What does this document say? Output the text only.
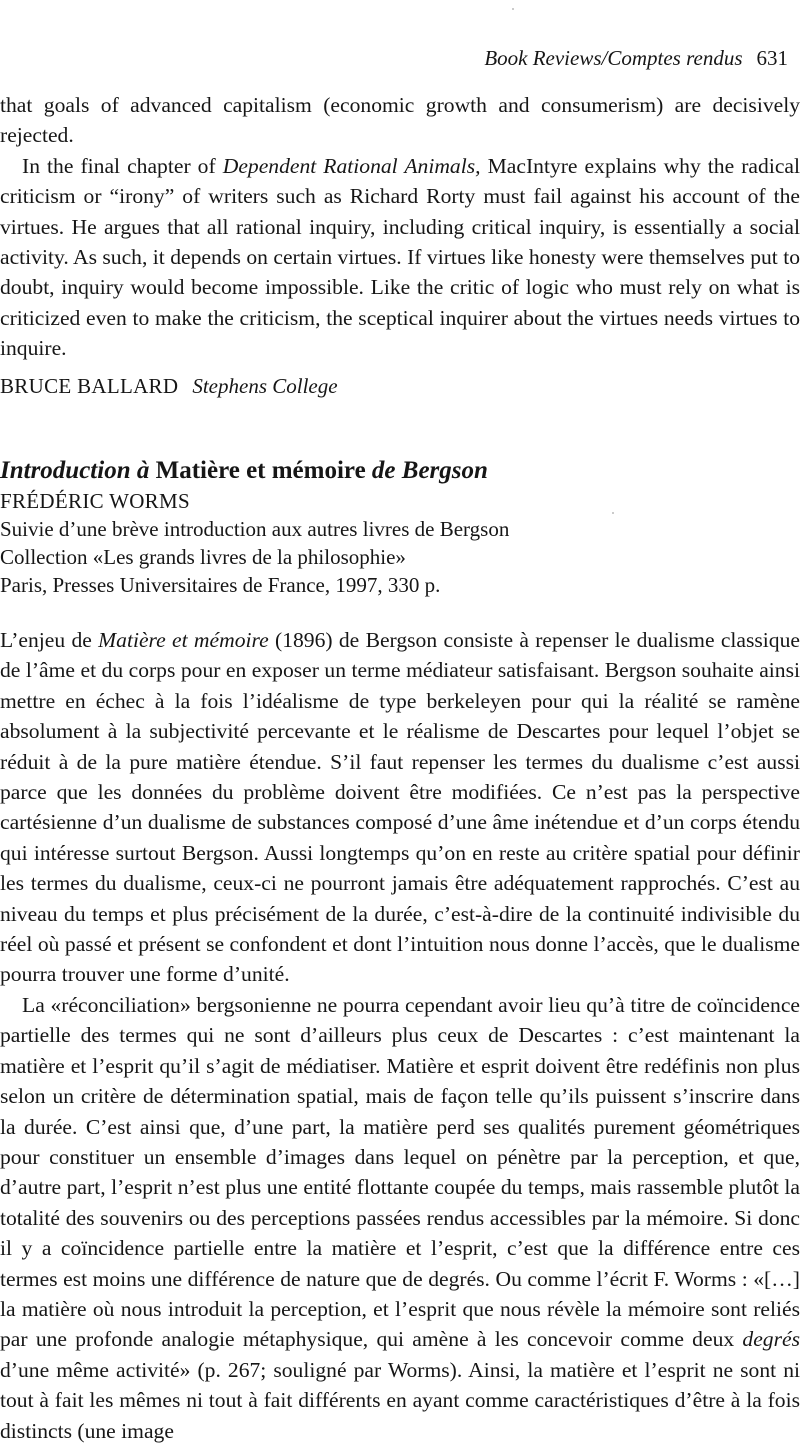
Book Reviews/Comptes rendus 631

that goals of advanced capitalism (economic growth and consumerism) are decisively rejected.

In the final chapter of Dependent Rational Animals, MacIntyre explains why the radical criticism or “irony” of writers such as Richard Rorty must fail against his account of the virtues. He argues that all rational inquiry, including critical inquiry, is essentially a social activity. As such, it depends on certain virtues. If virtues like honesty were themselves put to doubt, inquiry would become impossible. Like the critic of logic who must rely on what is criticized even to make the criticism, the sceptical inquirer about the virtues needs virtues to inquire.

BRUCE BALLARD Stephens College
Introduction à Matière et mémoire de Bergson
FRÉDÉRIC WORMS
Suivie d’une brève introduction aux autres livres de Bergson
Collection «Les grands livres de la philosophie»
Paris, Presses Universitaires de France, 1997, 330 p.

L’enjeu de Matière et mémoire (1896) de Bergson consiste à repenser le dualisme classique de l’âme et du corps pour en exposer un terme médiateur satisfaisant. Bergson souhaite ainsi mettre en échec à la fois l’idéalisme de type berkeleyen pour qui la réalité se ramène absolument à la subjectivité percevante et le réalisme de Descartes pour lequel l’objet se réduit à de la pure matière étendue. S’il faut repenser les termes du dualisme c’est aussi parce que les données du problème doivent être modifiées. Ce n’est pas la perspective cartésienne d’un dualisme de substances composé d’une âme inétendue et d’un corps étendu qui intéresse surtout Bergson. Aussi longtemps qu’on en reste au critère spatial pour définir les termes du dualisme, ceux-ci ne pourront jamais être adéquatement rapprochés. C’est au niveau du temps et plus précisément de la durée, c’est-à-dire de la continuité indivisible du réel où passé et présent se confondent et dont l’intuition nous donne l’accès, que le dualisme pourra trouver une forme d’unité.

La «réconciliation» bergsonienne ne pourra cependant avoir lieu qu’à titre de coïncidence partielle des termes qui ne sont d’ailleurs plus ceux de Descartes : c’est maintenant la matière et l’esprit qu’il s’agit de médiatiser. Matière et esprit doivent être redéfinis non plus selon un critère de détermination spatial, mais de façon telle qu’ils puissent s’inscrire dans la durée. C’est ainsi que, d’une part, la matière perd ses qualités purement géométriques pour constituer un ensemble d’images dans lequel on pénètre par la perception, et que, d’autre part, l’esprit n’est plus une entité flottante coupée du temps, mais rassemble plutôt la totalité des souvenirs ou des perceptions passées rendus accessibles par la mémoire. Si donc il y a coïncidence partielle entre la matière et l’esprit, c’est que la différence entre ces termes est moins une différence de nature que de degrés. Ou comme l’écrit F. Worms : «[…] la matière où nous introduit la perception, et l’esprit que nous révèle la mémoire sont reliés par une profonde analogie métaphysique, qui amène à les concevoir comme deux degrés d’une même activité» (p. 267; souligné par Worms). Ainsi, la matière et l’esprit ne sont ni tout à fait les mêmes ni tout à fait différents en ayant comme caractéristiques d’être à la fois distincts (une image
